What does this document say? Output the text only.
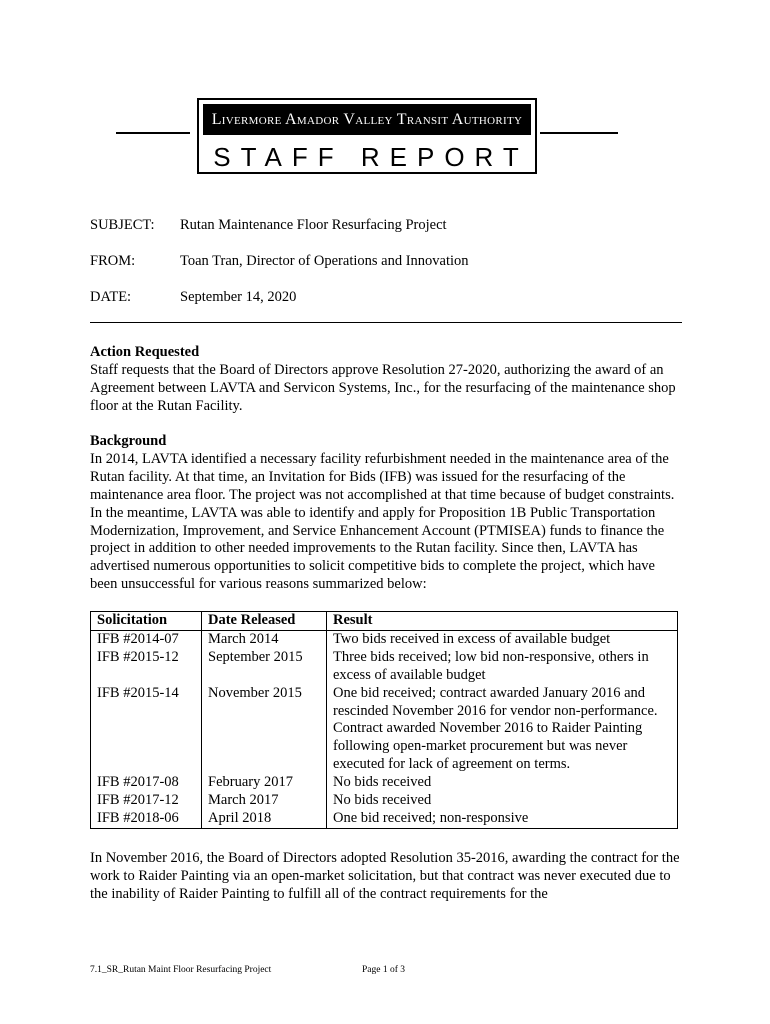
Livermore Amador Valley Transit Authority
STAFF REPORT
SUBJECT:	Rutan Maintenance Floor Resurfacing Project
FROM:	Toan Tran, Director of Operations and Innovation
DATE:	September 14, 2020

Action Requested

Staff requests that the Board of Directors approve Resolution 27-2020, authorizing the award of an Agreement between LAVTA and Servicon Systems, Inc., for the resurfacing of the maintenance shop floor at the Rutan Facility.

Background

In 2014, LAVTA identified a necessary facility refurbishment needed in the maintenance area of the Rutan facility. At that time, an Invitation for Bids (IFB) was issued for the resurfacing of the maintenance area floor. The project was not accomplished at that time because of budget constraints. In the meantime, LAVTA was able to identify and apply for Proposition 1B Public Transportation Modernization, Improvement, and Service Enhancement Account (PTMISEA) funds to finance the project in addition to other needed improvements to the Rutan facility. Since then, LAVTA has advertised numerous opportunities to solicit competitive bids to complete the project, which have been unsuccessful for various reasons summarized below:

Solicitation	Date Released	Result
IFB #2014-07	March 2014	Two bids received in excess of available budget
IFB #2015-12	September 2015	Three bids received; low bid non-responsive, others in excess of available budget
IFB #2015-14	November 2015	One bid received; contract awarded January 2016 and rescinded November 2016 for vendor non-performance. Contract awarded November 2016 to Raider Painting following open-market procurement but was never executed for lack of agreement on terms.
IFB #2017-08	February 2017	No bids received
IFB #2017-12	March 2017	No bids received
IFB #2018-06	April 2018	One bid received; non-responsive

In November 2016, the Board of Directors adopted Resolution 35-2016, awarding the contract for the work to Raider Painting via an open-market solicitation, but that contract was never executed due to the inability of Raider Painting to fulfill all of the contract requirements for the

7.1_SR_Rutan Maint Floor Resurfacing Project	Page 1 of 3
